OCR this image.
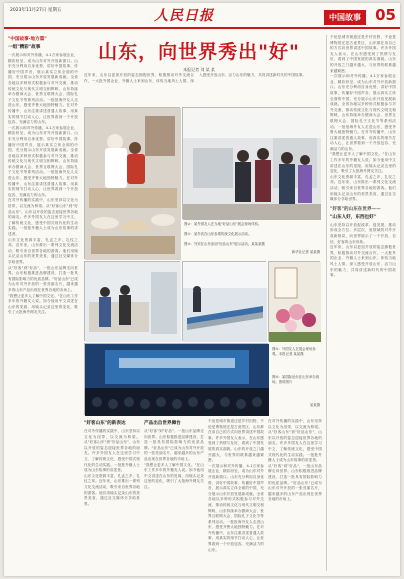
2023年11月27日 星期五	人民日报	中国故事 05
"中国故事·地方篇"
一组"精彩"故事
一次展示和对外传播，4.1万家参展企业，精彩纷呈，成为山东对外开放新窗口。山东充分利用自身优势，讲好中国故事，传播好中国声音，展示真实立体全面的中国，充分展示山东开放发展新成就。全省各地以多种形式积极参与对外交流，推动传统文化与现代文明交相辉映，山东持续举办儒商大会、世界互联网大会、国际孔子文化节等系列活动。一批批海外友人走进山东，感受齐鲁大地独特魅力。在对外传播中，山东注重讲述普通人故事，用真实的细节打动人心，让世界看到一个开放包容、充满活力的山东。
一次展示和对外传播，4.1万家参展企业，精彩纷呈，成为山东对外开放新窗口。山东充分利用自身优势，讲好中国故事，传播好中国声音，展示真实立体全面的中国，充分展示山东开放发展新成就。全省各地以多种形式积极参与对外交流，推动传统文化与现代文明交相辉映，山东持续举办儒商大会、世界互联网大会、国际孔子文化节等系列活动。一批批海外友人走进山东，感受齐鲁大地独特魅力。在对外传播中，山东注重讲述普通人故事，用真实的细节打动人心，让世界看到一个开放包容、充满活力的山东。
在对外传播的实践中，山东坚持以文化为纽带，以交流为桥梁。从"好客山东"到"好品山东"，山东以开放的姿态迎接世界各地的朋友。许多外国友人在这里学习中文、了解传统文化，感受中国式现代化的生动实践。一批批外籍人士成为山东故事的讲述者。
山东文化资源丰富，孔孟之乡，礼仪之邦。近年来，山东推出一系列文化交流活动，吸引来自世界各地的游客。他们用镜头记录山东的美景美食，通过社交媒体分享给世界。
从"好客"到"好品"，一批山东品牌走向世界。山东积极推进品牌建设，打造一批具有国际影响力的优质品牌。"好品山东"已成为山东对外开放的一张亮丽名片，越来越多的山东产品出现在世界各地的市场上。
"我想让更多人了解中国文化。"在山东工作多年的外籍友人说。如今他用中文讲述在山东的见闻，用镜头记录这里的变化，吸引了大批海外网友关注。
山东，向世界秀出"好"
本报记者 刘 某 某
近年来，山东以更加开放的姿态拥抱世界，积极推动对外交流合作，一大批外国企业、外籍人士来到山东，体验当地风土人情，深入感受开放山东、活力山东的魅力，共同讲述新时代的中国故事。
图②：某外国友人在当地"好品山东"展会现场体验。
图①：某外宾在山东参观传统文化展示活动。
图③：外宾在山东参加"好品山东"展示活动。某某某摄
新华社记者 某某摄
图④：外国友人在展会现场参观。本报记者 某某摄
图⑤：某国际论坛在山东举办现场。资料图片
某某摄
"好客山东"的新表达
在对外传播的实践中，山东坚持以文化为纽带，以交流为桥梁。从"好客山东"到"好品山东"，山东以开放的姿态迎接世界各地的朋友。许多外国友人在这里学习中文、了解传统文化，感受中国式现代化的生动实践。一批批外籍人士成为山东故事的讲述者。
山东文化资源丰富，孔孟之乡，礼仪之邦。近年来，山东推出一系列文化交流活动，吸引来自世界各地的游客。他们用镜头记录山东的美景美食，通过社交媒体分享给世界。
产品出自世界舞台
从"好客"到"好品"，一批山东品牌走向世界。山东积极推进品牌建设，打造一批具有国际影响力的优质品牌。"好品山东"已成为山东对外开放的一张亮丽名片，越来越多的山东产品出现在世界各地的市场上。
"我想让更多人了解中国文化。"在山东工作多年的外籍友人说。如今他用中文讲述在山东的见闻，用镜头记录这里的变化，吸引了大批海外网友关注。
不论是城市街道还是乡村田野，不论是博物馆还是古迹景区，山东都在用自己的方式向世界讲述中国故事。许多外国友人表示，在山东感受到了热情与友好，看到了中国发展的真实面貌。山东的开放之门越开越大，与世界的联系越来越紧密。
一次展示和对外传播，4.1万家参展企业，精彩纷呈，成为山东对外开放新窗口。山东充分利用自身优势，讲好中国故事，传播好中国声音，展示真实立体全面的中国，充分展示山东开放发展新成就。全省各地以多种形式积极参与对外交流，推动传统文化与现代文明交相辉映，山东持续举办儒商大会、世界互联网大会、国际孔子文化节等系列活动。一批批海外友人走进山东，感受齐鲁大地独特魅力。在对外传播中，山东注重讲述普通人故事，用真实的细节打动人心，让世界看到一个开放包容、充满活力的山东。
在对外传播的实践中，山东坚持以文化为纽带，以交流为桥梁。从"好客山东"到"好品山东"，山东以开放的姿态迎接世界各地的朋友。许多外国友人在这里学习中文、了解传统文化，感受中国式现代化的生动实践。一批批外籍人士成为山东故事的讲述者。
从"好客"到"好品"，一批山东品牌走向世界。山东积极推进品牌建设，打造一批具有国际影响力的优质品牌。"好品山东"已成为山东对外开放的一张亮丽名片，越来越多的山东产品出现在世界各地的市场上。
不论是城市街道还是乡村田野，不论是博物馆还是古迹景区，山东都在用自己的方式向世界讲述中国故事。许多外国友人表示，在山东感受到了热情与友好，看到了中国发展的真实面貌。山东的开放之门越开越大，与世界的联系越来越紧密。
一次展示和对外传播，4.1万家参展企业，精彩纷呈，成为山东对外开放新窗口。山东充分利用自身优势，讲好中国故事，传播好中国声音，展示真实立体全面的中国，充分展示山东开放发展新成就。全省各地以多种形式积极参与对外交流，推动传统文化与现代文明交相辉映，山东持续举办儒商大会、世界互联网大会、国际孔子文化节等系列活动。一批批海外友人走进山东，感受齐鲁大地独特魅力。在对外传播中，山东注重讲述普通人故事，用真实的细节打动人心，让世界看到一个开放包容、充满活力的山东。
"我想让更多人了解中国文化。"在山东工作多年的外籍友人说。如今他用中文讲述在山东的见闻，用镜头记录这里的变化，吸引了大批海外网友关注。
山东文化资源丰富，孔孟之乡，礼仪之邦。近年来，山东推出一系列文化交流活动，吸引来自世界各地的游客。他们用镜头记录山东的美景美食，通过社交媒体分享给世界。
"好客"的山东在世界——
"山东人好，东西也好"
山东坚持以开放促改革、促发展，推动形成全方位、多层次、宽领域的对外开放新格局，向世界展示了一个开放、自信、好客的山东形象。
近年来，山东以更加开放的姿态拥抱世界，积极推动对外交流合作，一大批外国企业、外籍人士来到山东，体验当地风土人情，深入感受开放山东、活力山东的魅力，共同讲述新时代的中国故事。
